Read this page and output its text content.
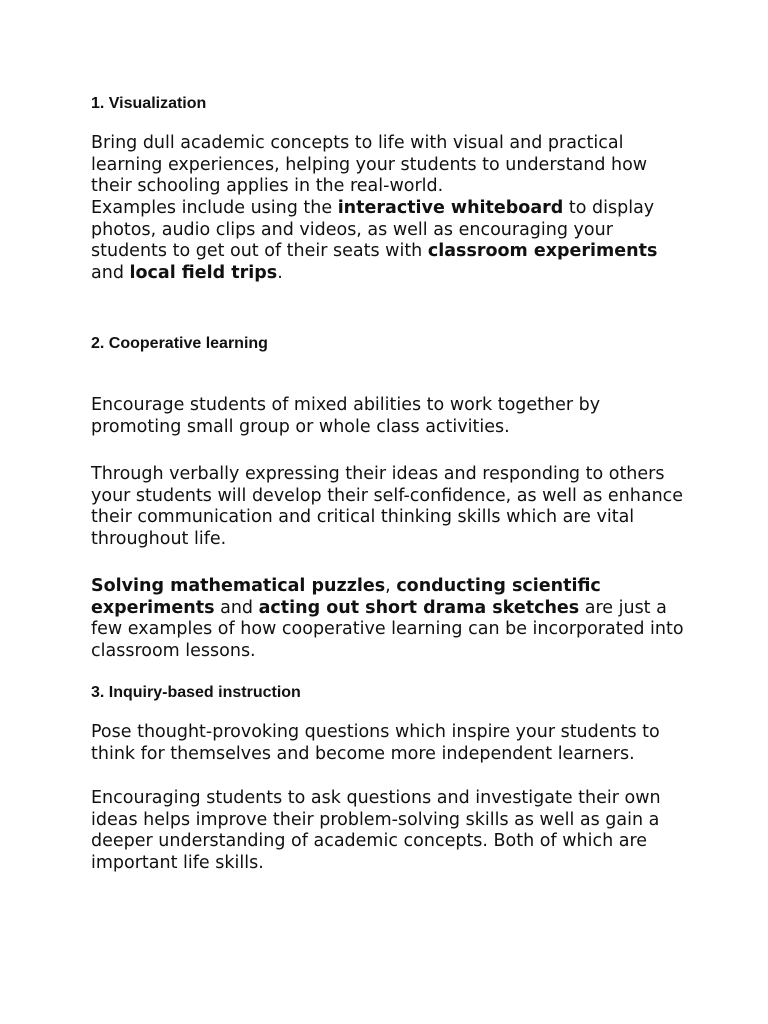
1. Visualization

Bring dull academic concepts to life with visual and practical learning experiences, helping your students to understand how their schooling applies in the real-world.

Examples include using the interactive whiteboard to display photos, audio clips and videos, as well as encouraging your students to get out of their seats with classroom experiments and local field trips.

2. Cooperative learning

Encourage students of mixed abilities to work together by promoting small group or whole class activities.

Through verbally expressing their ideas and responding to others your students will develop their self-confidence, as well as enhance their communication and critical thinking skills which are vital throughout life.

Solving mathematical puzzles, conducting scientific experiments and acting out short drama sketches are just a few examples of how cooperative learning can be incorporated into classroom lessons.

3. Inquiry-based instruction

Pose thought-provoking questions which inspire your students to think for themselves and become more independent learners.

Encouraging students to ask questions and investigate their own ideas helps improve their problem-solving skills as well as gain a deeper understanding of academic concepts. Both of which are important life skills.
